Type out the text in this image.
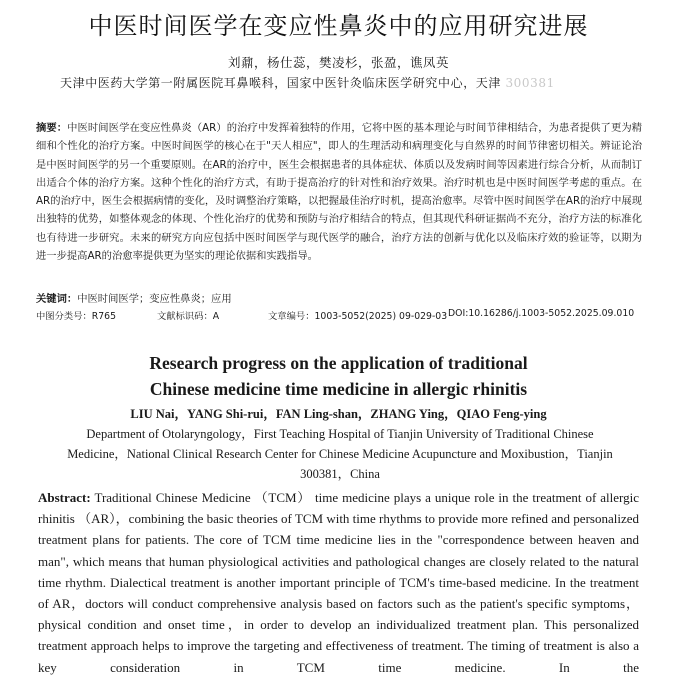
中医时间医学在变应性鼻炎中的应用研究进展
刘鼐，杨仕蕊，樊凌杉，张盈，谯凤英
天津中医药大学第一附属医院耳鼻喉科，国家中医针灸临床医学研究中心，天津 300381
摘要：中医时间医学在变应性鼻炎（AR）的治疗中发挥着独特的作用，它将中医的基本理论与时间节律相结合，为患者提供了更为精细和个性化的治疗方案。中医时间医学的核心在于"天人相应"，即人的生理活动和病理变化与自然界的时间节律密切相关。辨证论治是中医时间医学的另一个重要原则。在AR的治疗中，医生会根据患者的具体症状、体质以及发病时间等因素进行综合分析，从而制订出适合个体的治疗方案。这种个性化的治疗方式，有助于提高治疗的针对性和治疗效果。治疗时机也是中医时间医学考虑的重点。在AR的治疗中，医生会根据病情的变化，及时调整治疗策略，以把握最佳治疗时机，提高治愈率。尽管中医时间医学在AR的治疗中展现出独特的优势，如整体观念的体现、个性化治疗的优势和预防与治疗相结合的特点，但其现代科研证据尚不充分，治疗方法的标准化也有待进一步研究。未来的研究方向应包括中医时间医学与现代医学的融合，治疗方法的创新与优化以及临床疗效的验证等，以期为进一步提高AR的治愈率提供更为坚实的理论依据和实践指导。
关键词：中医时间医学；变应性鼻炎；应用
中图分类号：R765	文献标识码：A	文章编号：1003-5052(2025) 09-029-03 DOI:10.16286/j.1003-5052.2025.09.010
Research progress on the application of traditional
Chinese medicine time medicine in allergic rhinitis
LIU Nai，YANG Shi-rui，FAN Ling-shan，ZHANG Ying，QIAO Feng-ying
Department of Otolaryngology，First Teaching Hospital of Tianjin University of Traditional Chinese Medicine，National Clinical Research Center for Chinese Medicine Acupuncture and Moxibustion，Tianjin 300381，China
Abstract: Traditional Chinese Medicine （TCM） time medicine plays a unique role in the treatment of allergic rhinitis （AR），combining the basic theories of TCM with time rhythms to provide more refined and personalized treatment plans for patients. The core of TCM time medicine lies in the "correspondence between heaven and man", which means that human physiological activities and pathological changes are closely related to the natural time rhythm. Dialectical treatment is another important principle of TCM's time-based medicine. In the treatment of AR，doctors will conduct comprehensive analysis based on factors such as the patient's specific symptoms，physical condition and onset time，in order to develop an individualized treatment plan. This personalized treatment approach helps to improve the targeting and effectiveness of treatment. The timing of treatment is also a key consideration in TCM time medicine. In the
